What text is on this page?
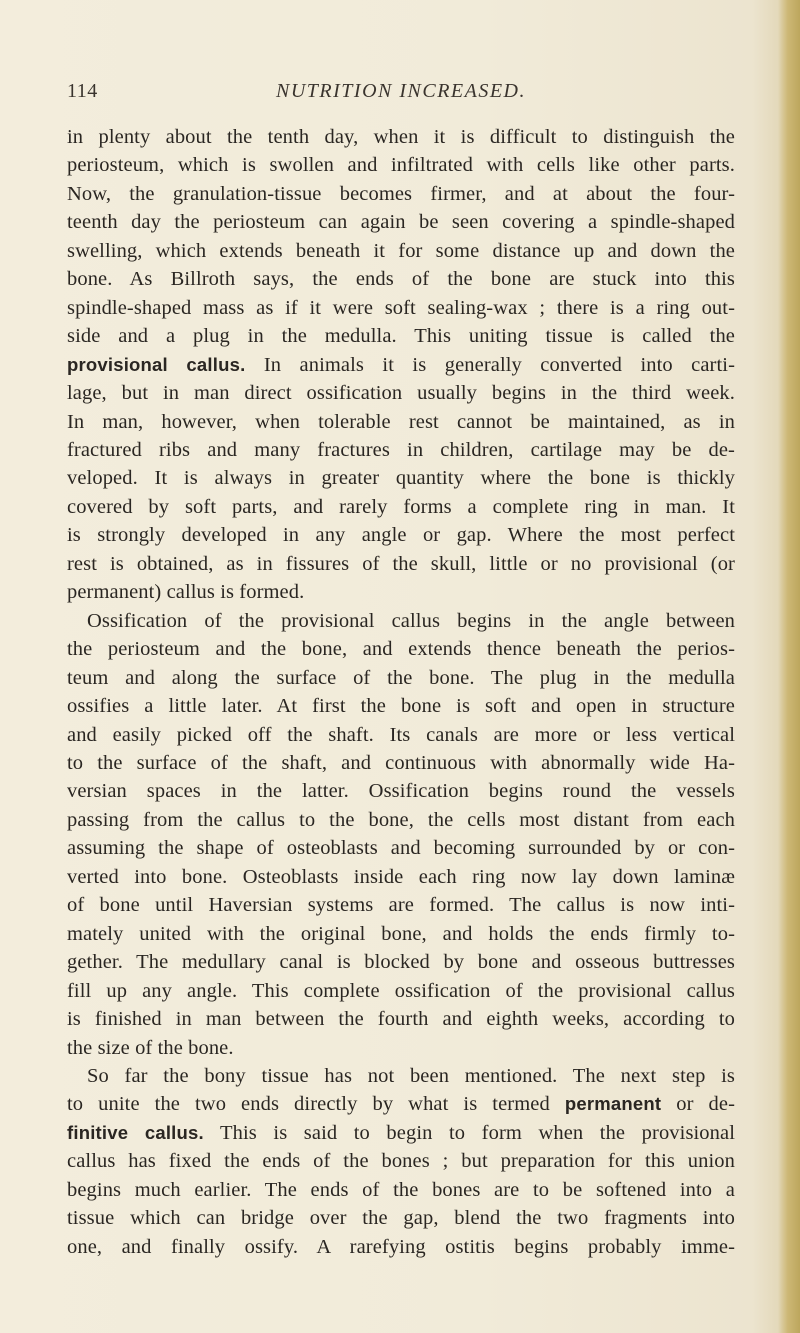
114	NUTRITION INCREASED.
in plenty about the tenth day, when it is difficult to distinguish the
periosteum, which is swollen and infiltrated with cells like other parts.
Now, the granulation-tissue becomes firmer, and at about the four-
teenth day the periosteum can again be seen covering a spindle-shaped
swelling, which extends beneath it for some distance up and down the
bone. As Billroth says, the ends of the bone are stuck into this
spindle-shaped mass as if it were soft sealing-wax ; there is a ring out-
side and a plug in the medulla. This uniting tissue is called the
provisional callus. In animals it is generally converted into carti-
lage, but in man direct ossification usually begins in the third week.
In man, however, when tolerable rest cannot be maintained, as in
fractured ribs and many fractures in children, cartilage may be de-
veloped. It is always in greater quantity where the bone is thickly
covered by soft parts, and rarely forms a complete ring in man. It
is strongly developed in any angle or gap. Where the most perfect
rest is obtained, as in fissures of the skull, little or no provisional (or
permanent) callus is formed.
Ossification of the provisional callus begins in the angle between
the periosteum and the bone, and extends thence beneath the perios-
teum and along the surface of the bone. The plug in the medulla
ossifies a little later. At first the bone is soft and open in structure
and easily picked off the shaft. Its canals are more or less vertical
to the surface of the shaft, and continuous with abnormally wide Ha-
versian spaces in the latter. Ossification begins round the vessels
passing from the callus to the bone, the cells most distant from each
assuming the shape of osteoblasts and becoming surrounded by or con-
verted into bone. Osteoblasts inside each ring now lay down laminæ
of bone until Haversian systems are formed. The callus is now inti-
mately united with the original bone, and holds the ends firmly to-
gether. The medullary canal is blocked by bone and osseous buttresses
fill up any angle. This complete ossification of the provisional callus
is finished in man between the fourth and eighth weeks, according to
the size of the bone.
So far the bony tissue has not been mentioned. The next step is
to unite the two ends directly by what is termed permanent or de-
finitive callus. This is said to begin to form when the provisional
callus has fixed the ends of the bones ; but preparation for this union
begins much earlier. The ends of the bones are to be softened into a
tissue which can bridge over the gap, blend the two fragments into
one, and finally ossify. A rarefying ostitis begins probably imme-
